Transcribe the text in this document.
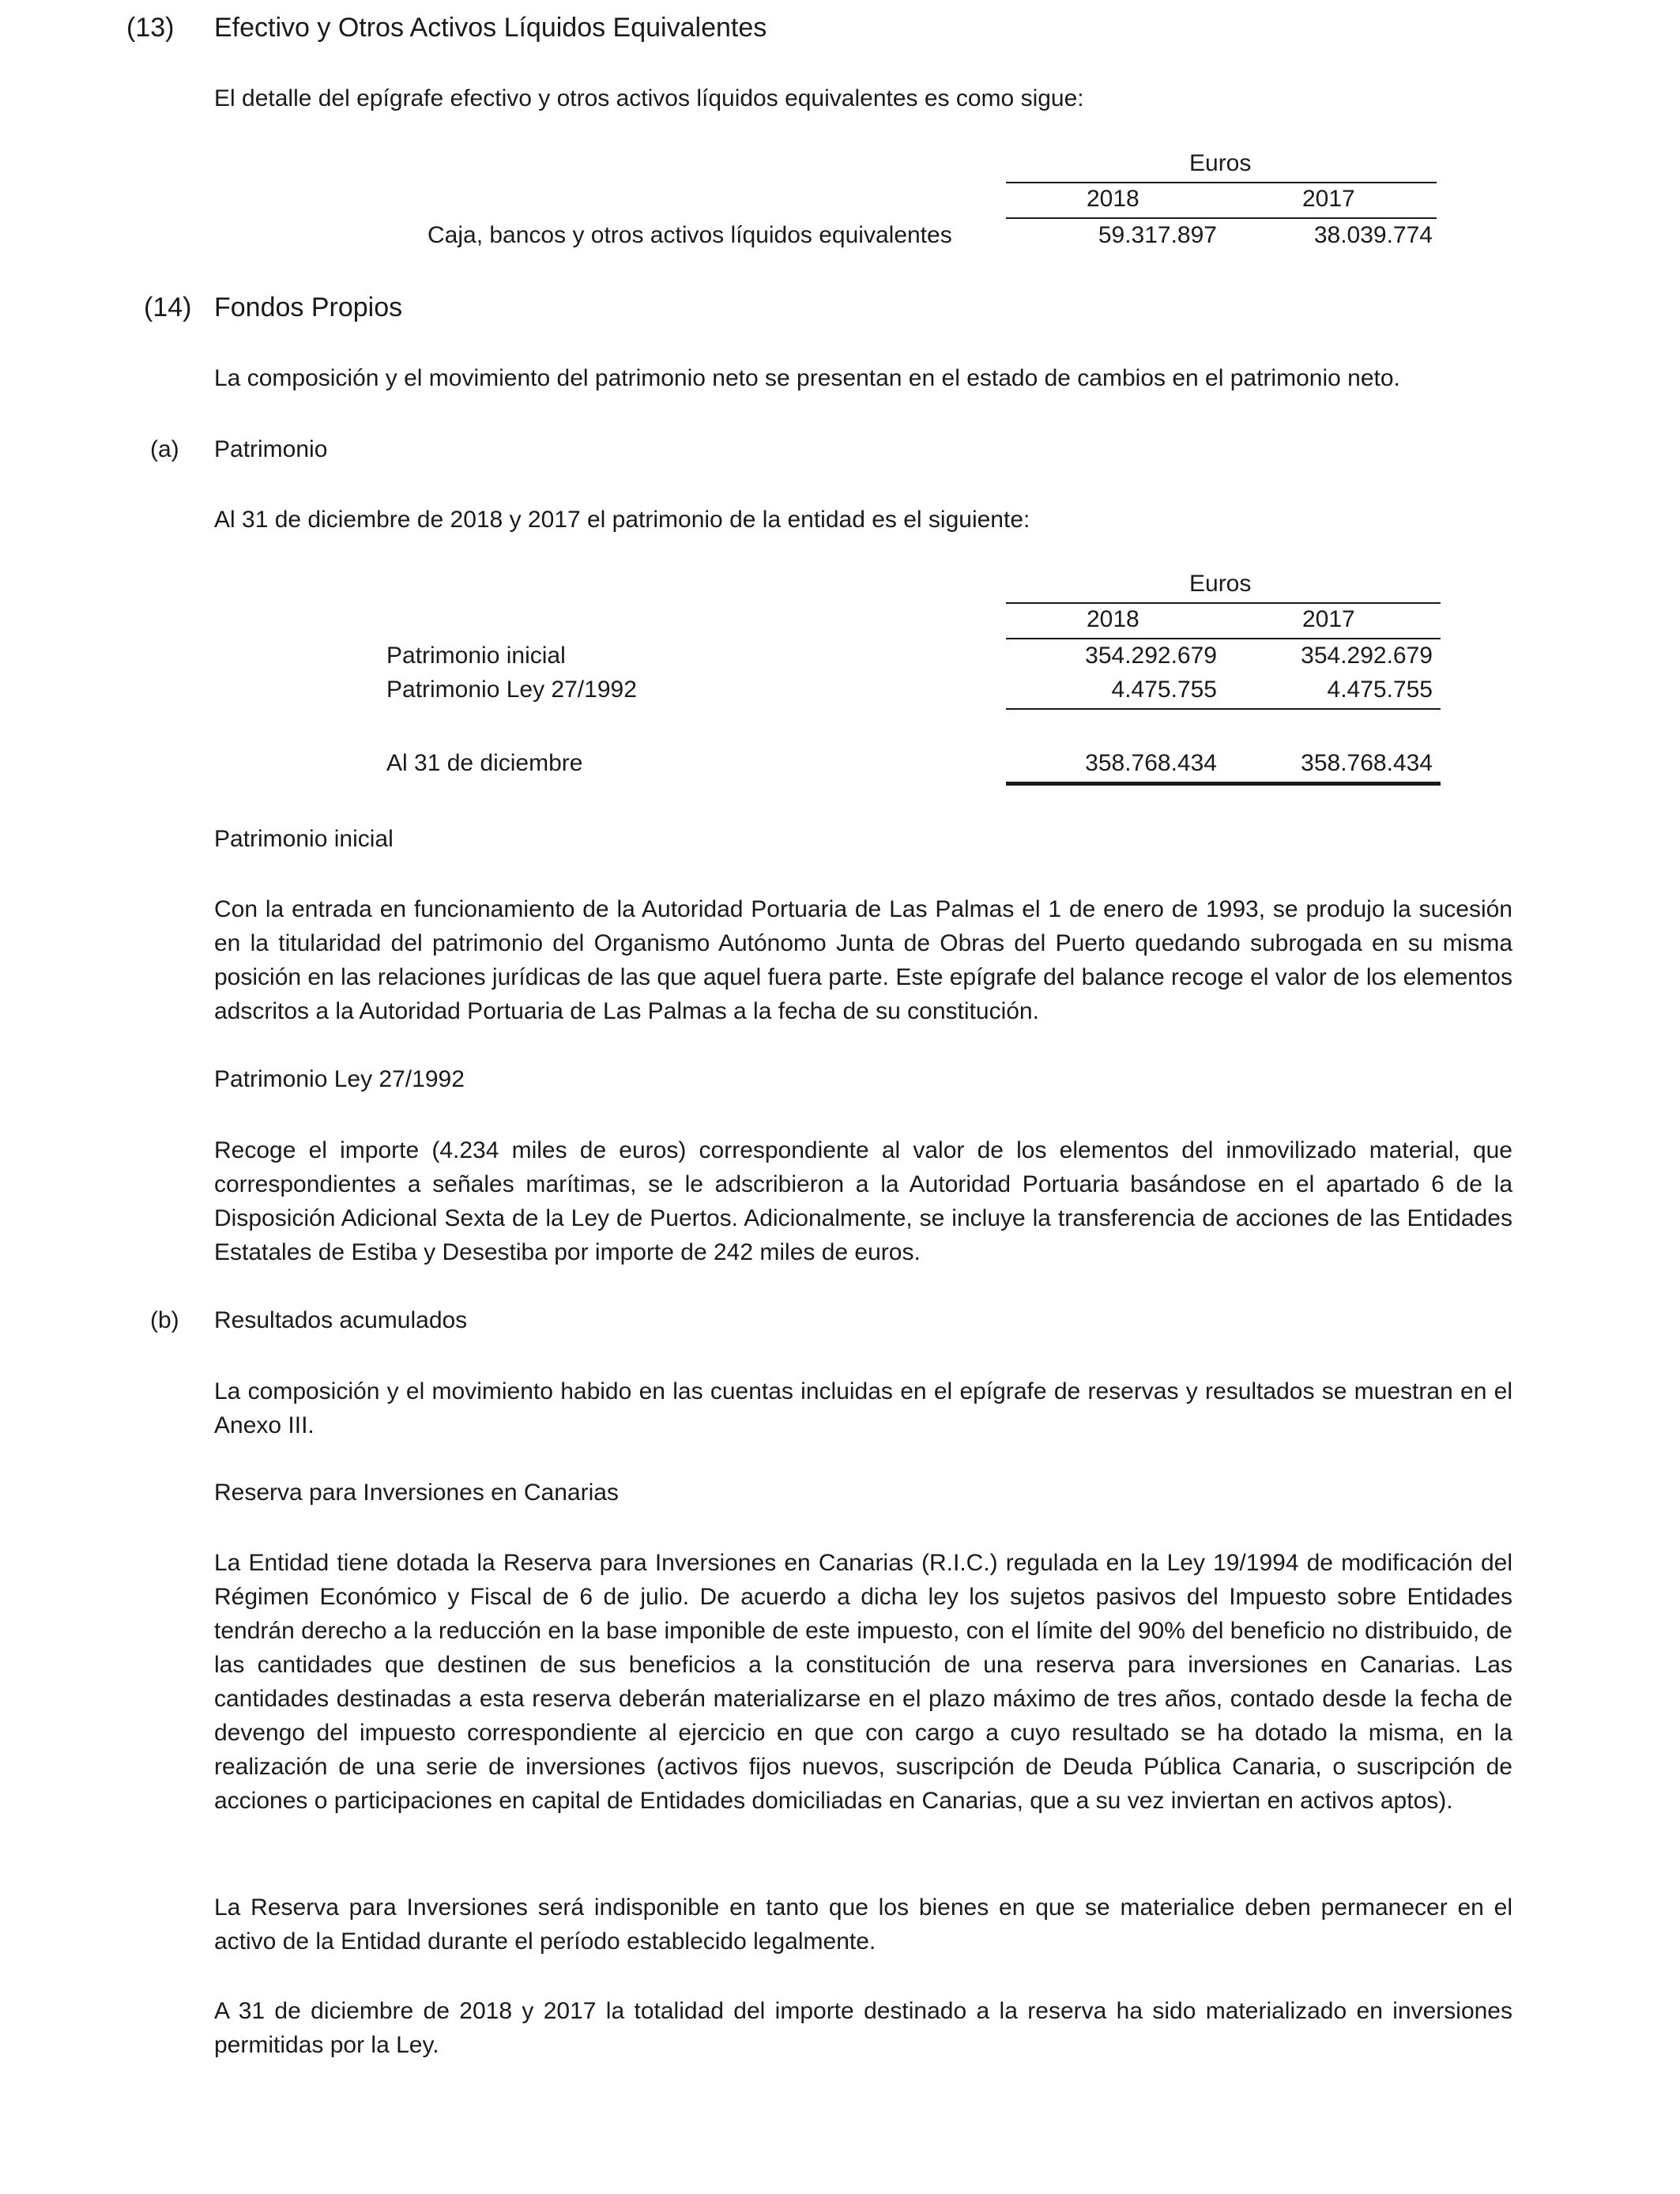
(13) Efectivo y Otros Activos Líquidos Equivalentes
El detalle del epígrafe efectivo y otros activos líquidos equivalentes es como sigue:
Euros
2018	2017
Caja, bancos y otros activos líquidos equivalentes	59.317.897	38.039.774
(14) Fondos Propios
La composición y el movimiento del patrimonio neto se presentan en el estado de cambios en el patrimonio neto.
(a) Patrimonio
Al 31 de diciembre de 2018 y 2017 el patrimonio de la entidad es el siguiente:
Euros
2018	2017
Patrimonio inicial	354.292.679	354.292.679
Patrimonio Ley 27/1992	4.475.755	4.475.755
Al 31 de diciembre	358.768.434	358.768.434
Patrimonio inicial

Con la entrada en funcionamiento de la Autoridad Portuaria de Las Palmas el 1 de enero de 1993, se produjo la sucesión en la titularidad del patrimonio del Organismo Autónomo Junta de Obras del Puerto quedando subrogada en su misma posición en las relaciones jurídicas de las que aquel fuera parte. Este epígrafe del balance recoge el valor de los elementos adscritos a la Autoridad Portuaria de Las Palmas a la fecha de su constitución.

Patrimonio Ley 27/1992

Recoge el importe (4.234 miles de euros) correspondiente al valor de los elementos del inmovilizado material, que correspondientes a señales marítimas, se le adscribieron a la Autoridad Portuaria basándose en el apartado 6 de la Disposición Adicional Sexta de la Ley de Puertos. Adicionalmente, se incluye la transferencia de acciones de las Entidades Estatales de Estiba y Desestiba por importe de 242 miles de euros.

(b) Resultados acumulados

La composición y el movimiento habido en las cuentas incluidas en el epígrafe de reservas y resultados se muestran en el Anexo III.

Reserva para Inversiones en Canarias

La Entidad tiene dotada la Reserva para Inversiones en Canarias (R.I.C.) regulada en la Ley 19/1994 de modificación del Régimen Económico y Fiscal de 6 de julio. De acuerdo a dicha ley los sujetos pasivos del Impuesto sobre Entidades tendrán derecho a la reducción en la base imponible de este impuesto, con el límite del 90% del beneficio no distribuido, de las cantidades que destinen de sus beneficios a la constitución de una reserva para inversiones en Canarias. Las cantidades destinadas a esta reserva deberán materializarse en el plazo máximo de tres años, contado desde la fecha de devengo del impuesto correspondiente al ejercicio en que con cargo a cuyo resultado se ha dotado la misma, en la realización de una serie de inversiones (activos fijos nuevos, suscripción de Deuda Pública Canaria, o suscripción de acciones o participaciones en capital de Entidades domiciliadas en Canarias, que a su vez inviertan en activos aptos).

La Reserva para Inversiones será indisponible en tanto que los bienes en que se materialice deben permanecer en el activo de la Entidad durante el período establecido legalmente.

A 31 de diciembre de 2018 y 2017 la totalidad del importe destinado a la reserva ha sido materializado en inversiones permitidas por la Ley.
